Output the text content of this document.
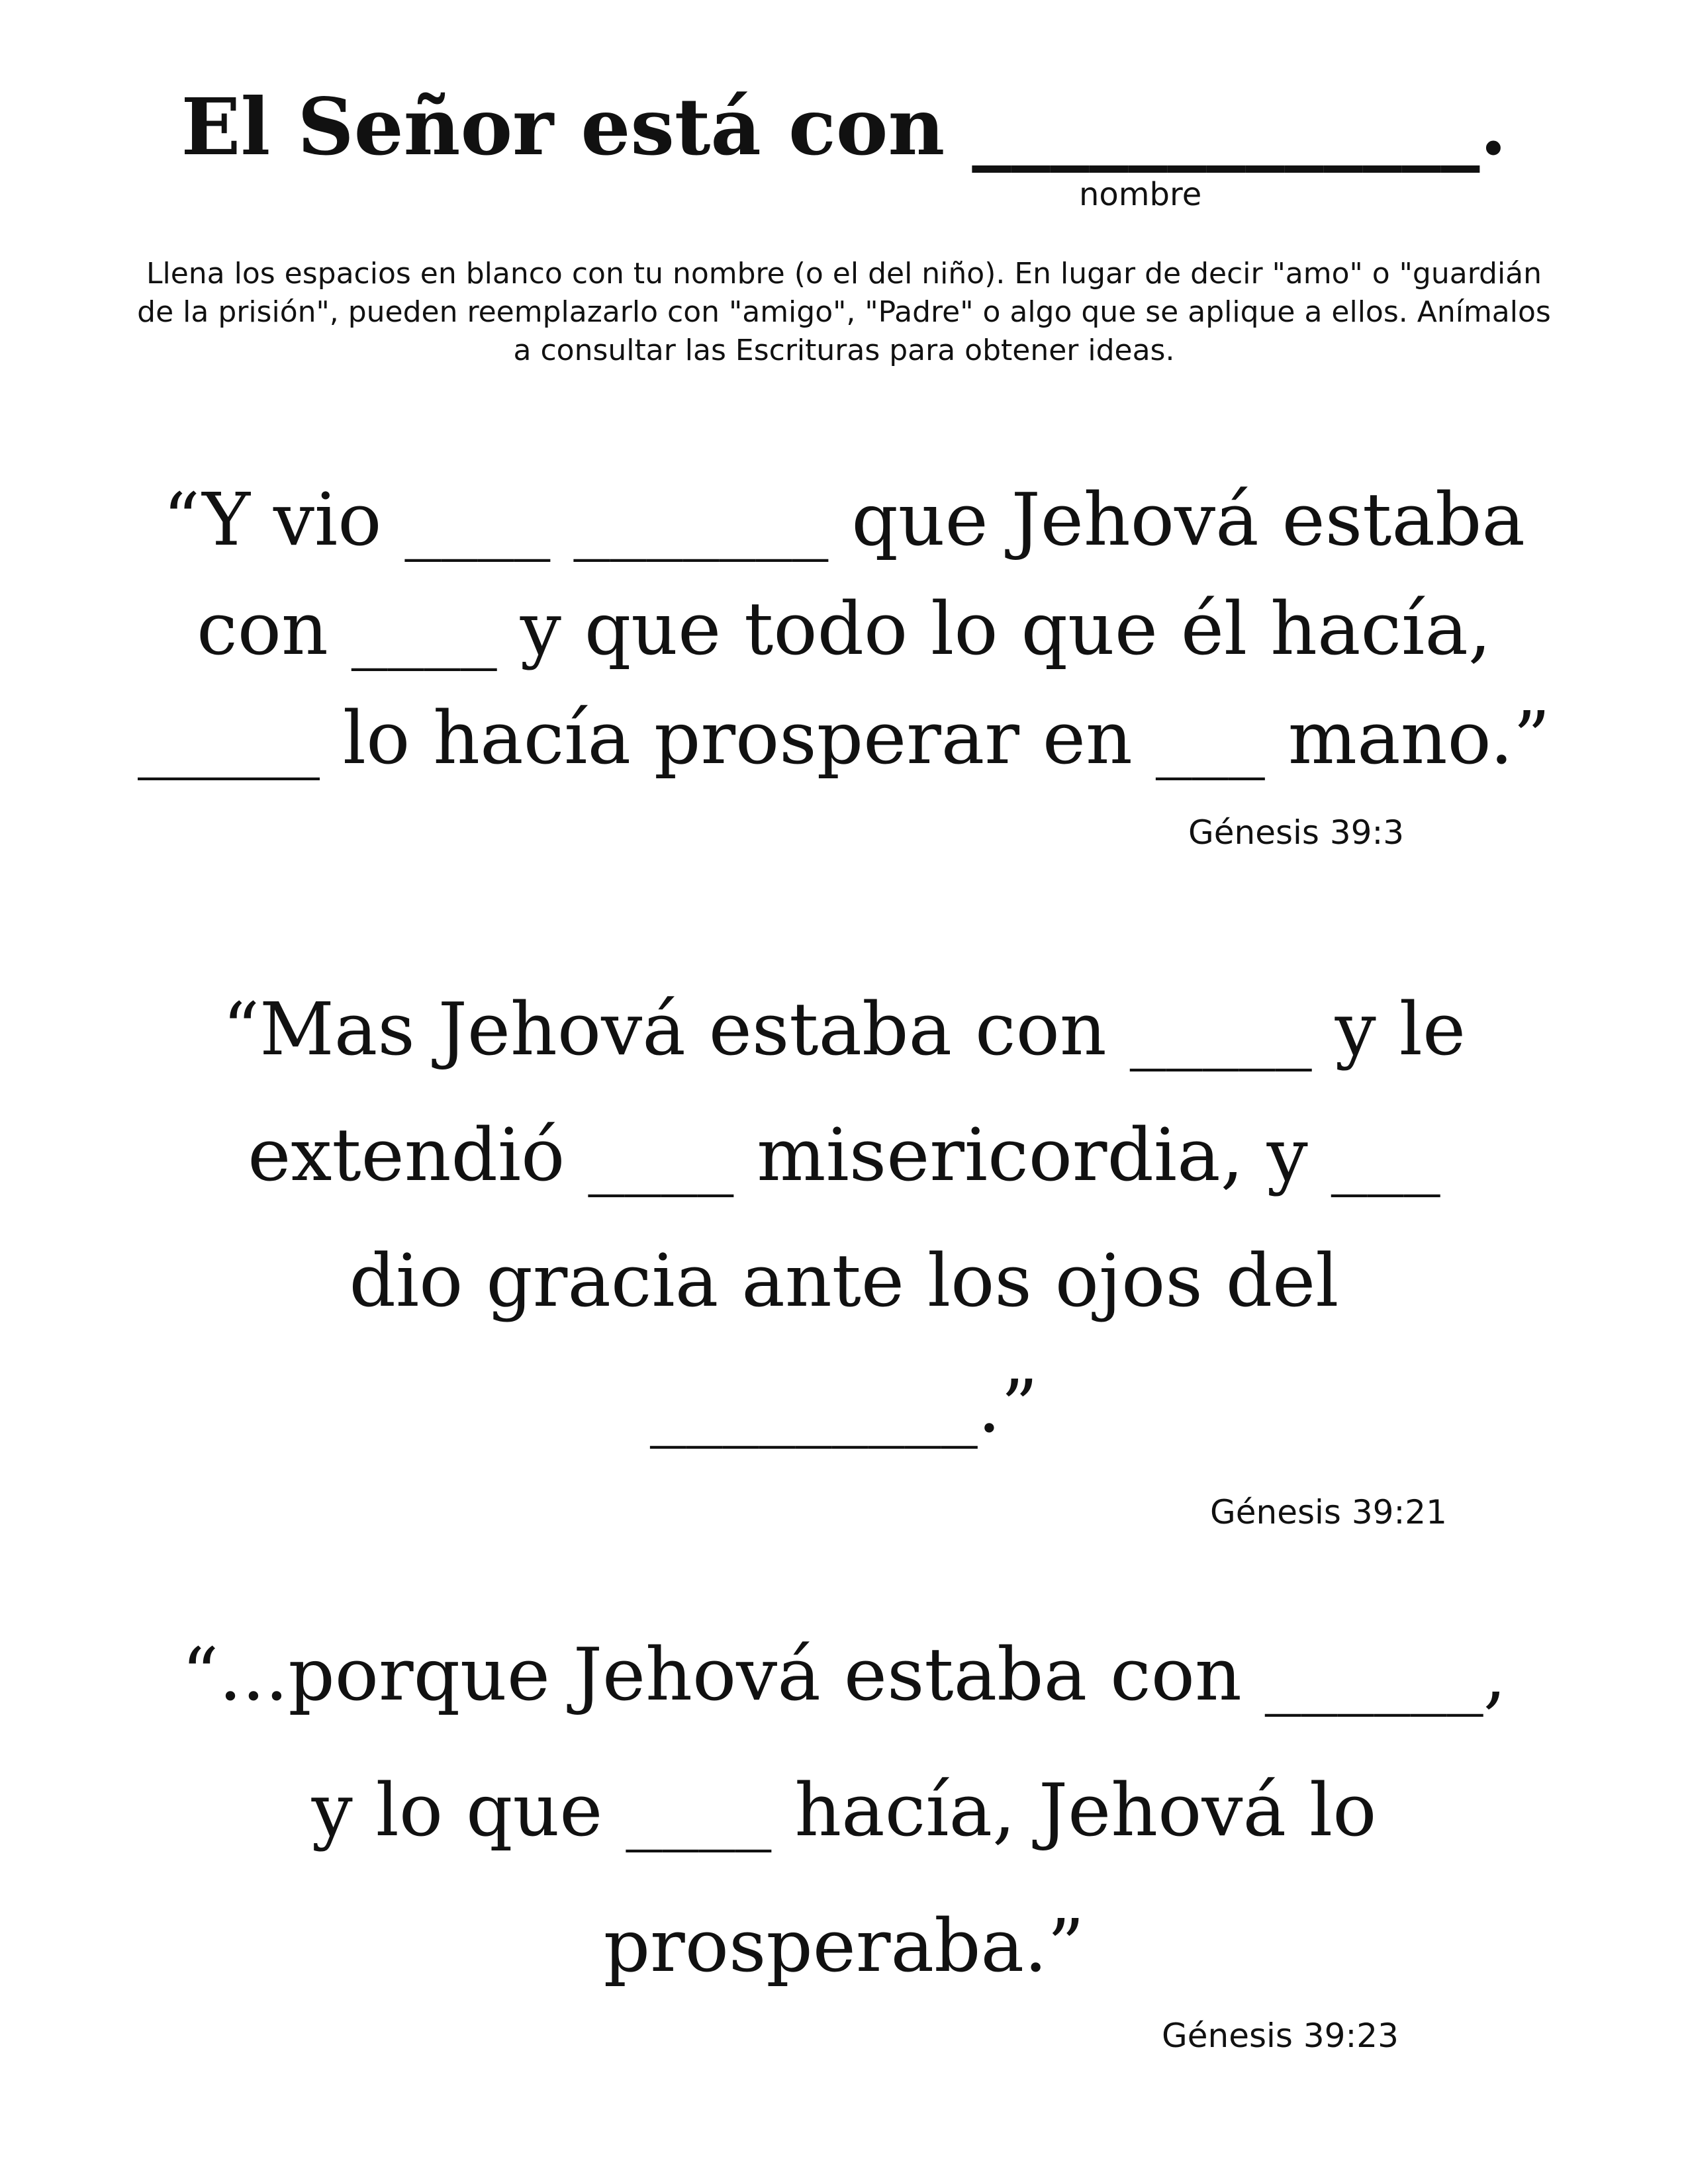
El Señor está con _____________.
nombre

Llena los espacios en blanco con tu nombre (o el del niño). En lugar de decir "amo" o "guardián

de la prisión", pueden reemplazarlo con "amigo", "Padre" o algo que se aplique a ellos. Anímalos

a consultar las Escrituras para obtener ideas.

“Y vio ____ _______ que Jehová estaba

con ____ y que todo lo que él hacía,

_____ lo hacía prosperar en ___ mano.”

Génesis 39:3

“Mas Jehová estaba con _____ y le

extendió ____ misericordia, y ___

dio gracia ante los ojos del

_________.”

Génesis 39:21

“...porque Jehová estaba con ______,

y lo que ____ hacía, Jehová lo

prosperaba.”

Génesis 39:23
